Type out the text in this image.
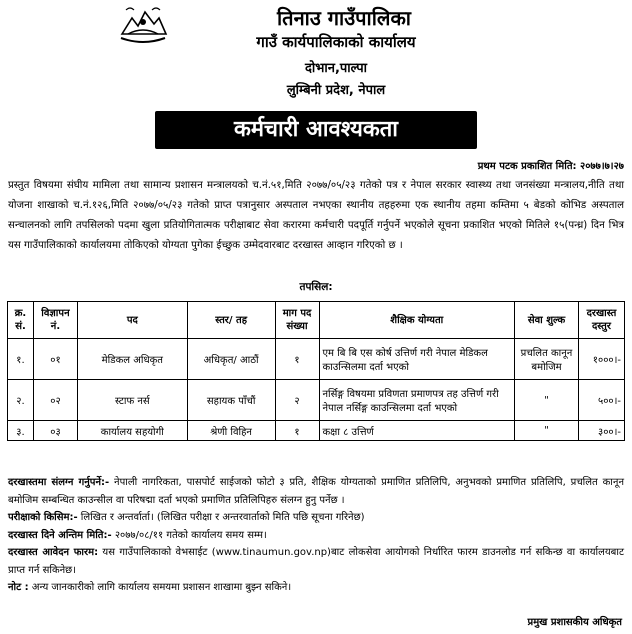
तिनाउ गाउँपालिका
गाउँ कार्यपालिकाको कार्यालय
दोभान,पाल्पा
लुम्बिनी प्रदेश, नेपाल
कर्मचारी आवश्यकता
प्रथम पटक प्रकाशित मिति: २०७७।७।२७
प्रस्तुत विषयमा संघीय मामिला तथा सामान्य प्रशासन मन्त्रालयको च.नं.५१,मिति २०७७/०५/२३ गतेको पत्र र नेपाल सरकार स्वास्थ्य तथा जनसंख्या मन्त्रालय,नीति तथा योजना शाखाको च.नं.१२६,मिति २०७७/०५/२३ गतेको प्राप्त पत्रानुसार अस्पताल नभएका स्थानीय तहहरुमा एक स्थानीय तहमा कम्तिमा ५ बेडको कोभिड अस्पताल सन्चालनको लागि तपसिलको पदमा खुला प्रतियोगितात्मक परीक्षाबाट सेवा करारमा कर्मचारी पदपूर्ति गर्नुपर्ने भएकोले सूचना प्रकाशित भएको मितिले १५(पन्ध्र) दिन भित्र यस गाउँपालिकाको कार्यालयमा तोकिएको योग्यता पुगेका ईच्छुक उम्मेदवारबाट दरखास्त आव्हान गरिएको छ ।
तपसिल:
क्र. सं.	विज्ञापन नं.	पद	स्तर/ तह	माग पद संख्या	शैक्षिक योग्यता	सेवा शुल्क	दरखास्त दस्तुर
१.	०१	मेडिकल अधिकृत	अधिकृत/ आठौं	१	एम बि बि एस कोर्ष उत्तिर्ण गरी नेपाल मेडिकल काउन्सिलमा दर्ता भएको	प्रचलित कानून बमोजिम	१०००।-
२.	०२	स्टाफ नर्स	सहायक पाँचौं	२	नर्सिङ्ग विषयमा प्रविणता प्रमाणपत्र तह उत्तिर्ण गरी नेपाल नर्सिङ्ग काउन्सिलमा दर्ता भएको	"	५००।-
३.	०३	कार्यालय सहयोगी	श्रेणी विहिन	१	कक्षा ८ उत्तिर्ण	"	३००।-

दरखास्तमा संलग्न गर्नुपर्ने:- नेपाली नागरिकता, पासपोर्ट साईजको फोटो ३ प्रति, शैक्षिक योग्यताको प्रमाणित प्रतिलिपि, अनुभवको प्रमाणित प्रतिलिपि, प्रचलित कानून बमोजिम सम्बन्धित काउन्सील वा परिषद्मा दर्ता भएको प्रमाणित प्रतिलिपिहरु संलग्न हुनु पर्नेछ ।

परीक्षाको किसिम:- लिखित र अन्तर्वार्ता। (लिखित परीक्षा र अन्तरवार्ताको मिति पछि सूचना गरिनेछ)

दरखास्त दिने अन्तिम मिति:- २०७७/०८/११ गतेको कार्यालय समय सम्म।

दरखास्त आवेदन फारम: यस गाउँपालिकाको वेभसाईट (www.tinaumun.gov.np)बाट लोकसेवा आयोगको निर्धारित फारम डाउनलोड गर्न सकिन्छ वा कार्यालयबाट प्राप्त गर्न सकिनेछ।

नोट : अन्य जानकारीको लागि कार्यालय समयमा प्रशासन शाखामा बुझ्न सकिने।

प्रमुख प्रशासकीय अधिकृत
